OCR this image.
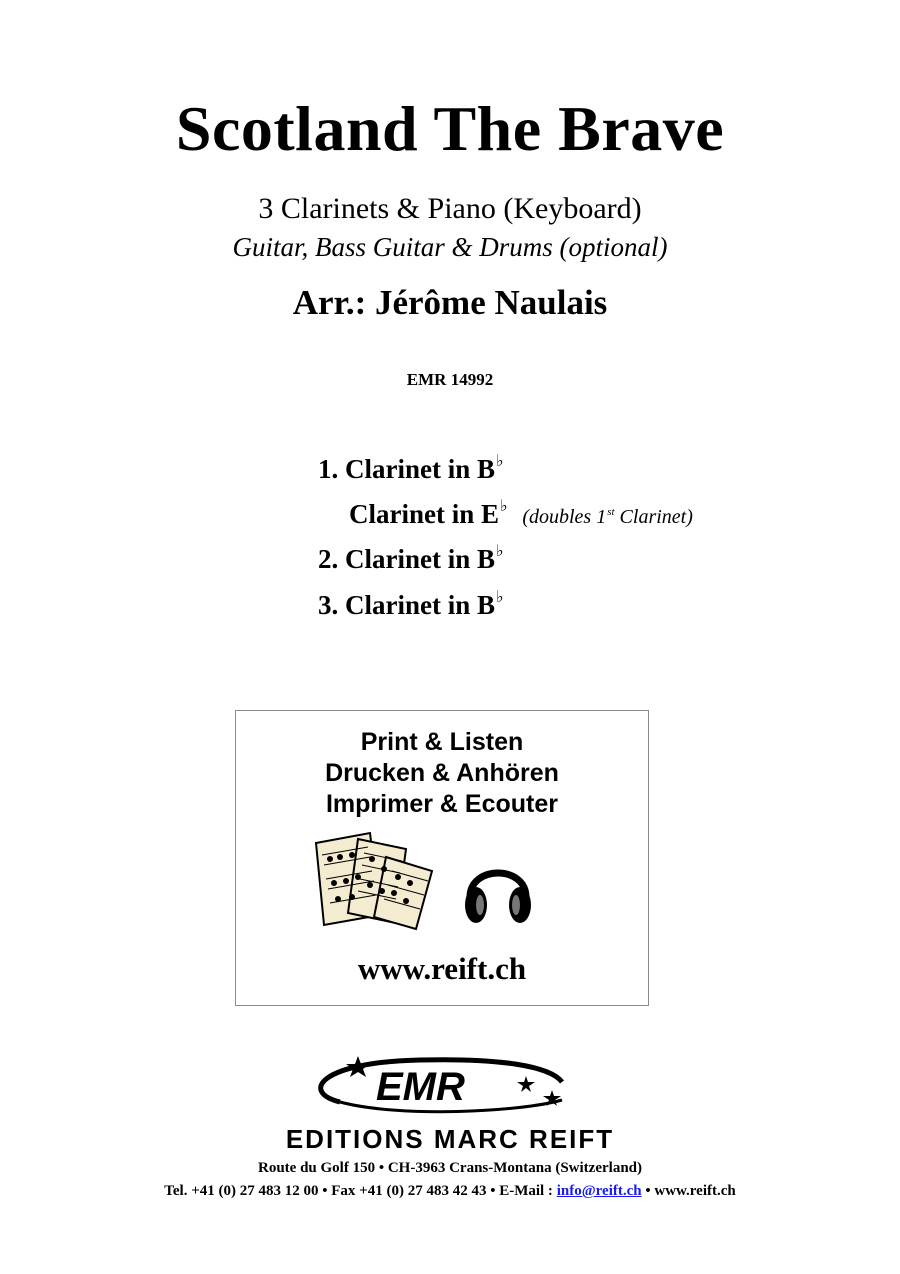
Scotland The Brave
3 Clarinets & Piano (Keyboard)
Guitar, Bass Guitar & Drums (optional)
Arr.: Jérôme Naulais
EMR 14992
1. Clarinet in B♭
Clarinet in E♭ (doubles 1st Clarinet)
2. Clarinet in B♭
3. Clarinet in B♭
Print & Listen
Drucken & Anhören
Imprimer & Ecouter
www.reift.ch
EMR
EDITIONS MARC REIFT
Route du Golf 150 • CH-3963 Crans-Montana (Switzerland)
Tel. +41 (0) 27 483 12 00 • Fax +41 (0) 27 483 42 43 • E-Mail : info@reift.ch • www.reift.ch
